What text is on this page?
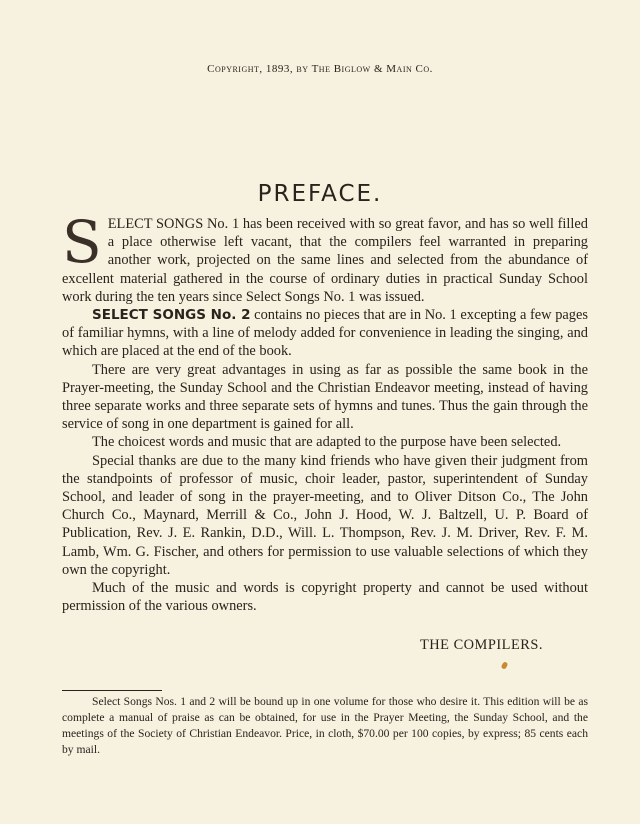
Copyright, 1893, by The Biglow & Main Co.
PREFACE.

SELECT SONGS No. 1 has been received with so great favor, and has so well filled a place otherwise left vacant, that the compilers feel warranted in preparing another work, projected on the same lines and selected from the abundance of excellent material gathered in the course of ordinary duties in practical Sunday School work during the ten years since Select Songs No. 1 was issued.

SELECT SONGS No. 2 contains no pieces that are in No. 1 excepting a few pages of familiar hymns, with a line of melody added for convenience in leading the singing, and which are placed at the end of the book.

There are very great advantages in using as far as possible the same book in the Prayer-meeting, the Sunday School and the Christian Endeavor meeting, instead of having three separate works and three separate sets of hymns and tunes. Thus the gain through the service of song in one department is gained for all.

The choicest words and music that are adapted to the purpose have been selected.

Special thanks are due to the many kind friends who have given their judgment from the standpoints of professor of music, choir leader, pastor, superintendent of Sunday School, and leader of song in the prayer-meeting, and to Oliver Ditson Co., The John Church Co., Maynard, Merrill & Co., John J. Hood, W. J. Baltzell, U. P. Board of Publication, Rev. J. E. Rankin, D.D., Will. L. Thompson, Rev. J. M. Driver, Rev. F. M. Lamb, Wm. G. Fischer, and others for permission to use valuable selections of which they own the copyright.

Much of the music and words is copyright property and cannot be used without permission of the various owners.

THE COMPILERS.

Select Songs Nos. 1 and 2 will be bound up in one volume for those who desire it. This edition will be as complete a manual of praise as can be obtained, for use in the Prayer Meeting, the Sunday School, and the meetings of the Society of Christian Endeavor. Price, in cloth, $70.00 per 100 copies, by express; 85 cents each by mail.
